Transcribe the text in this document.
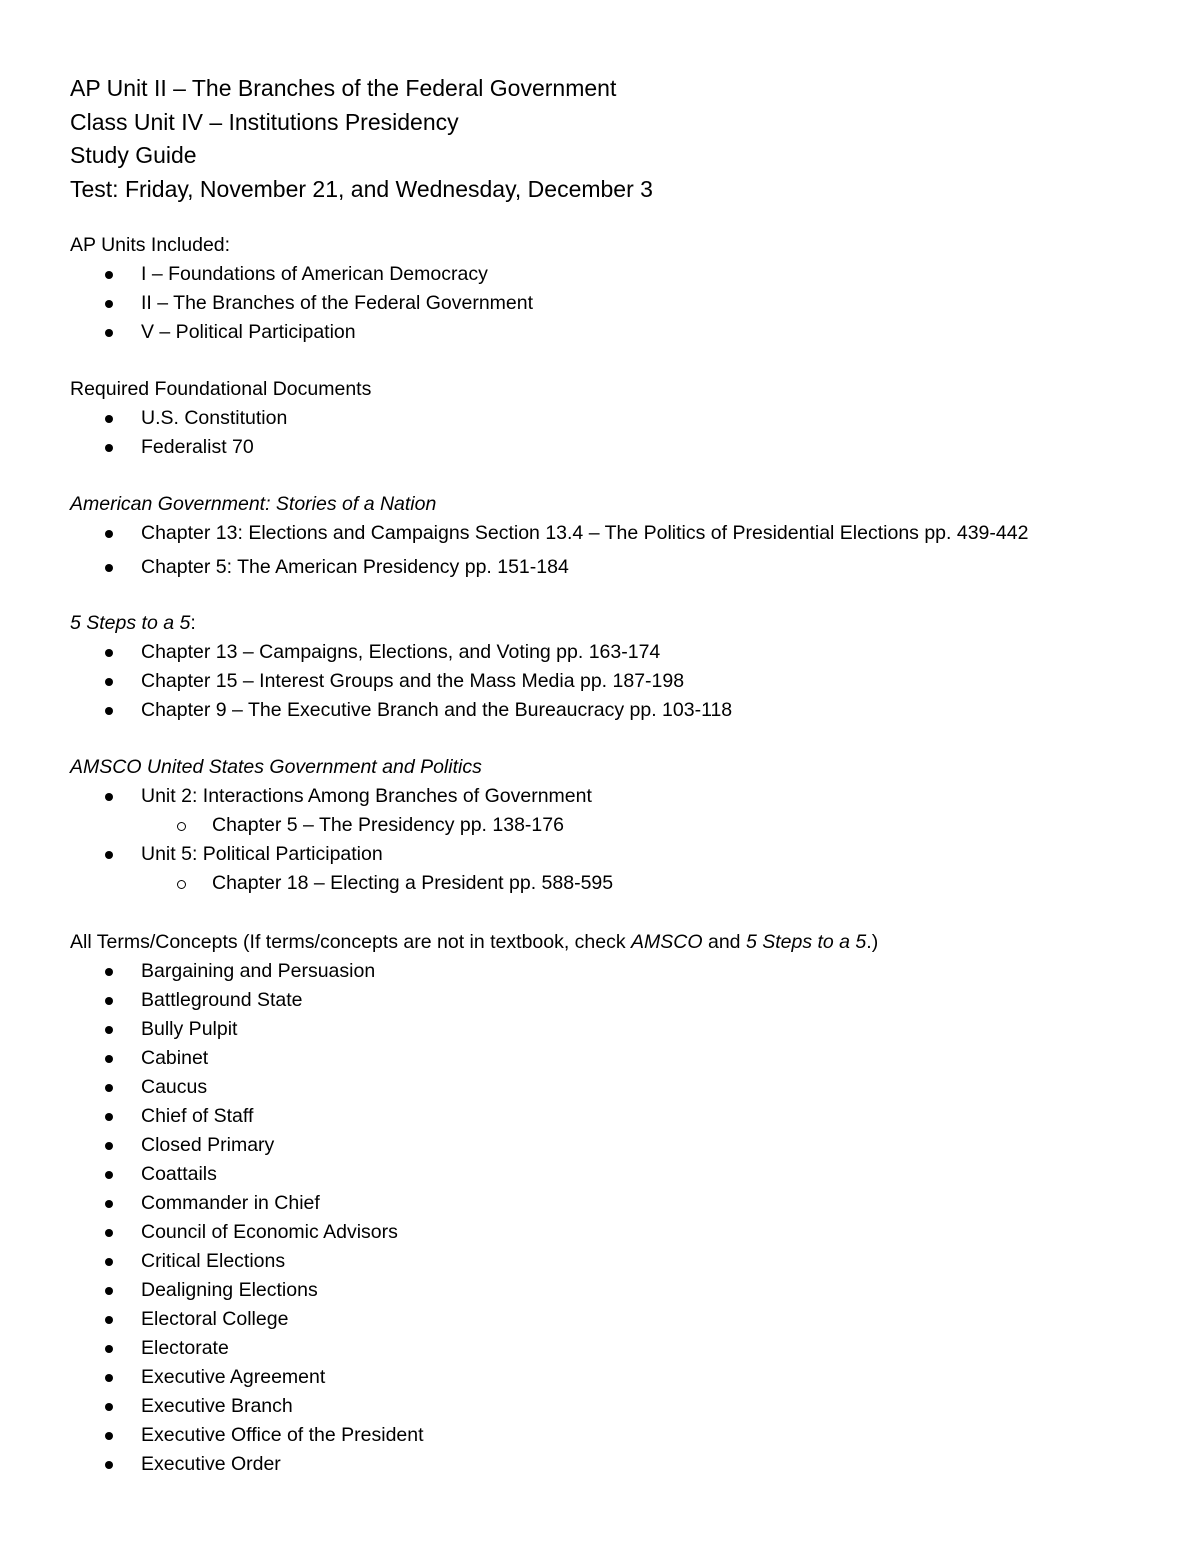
AP Unit II – The Branches of the Federal Government
Class Unit IV – Institutions Presidency
Study Guide
Test: Friday, November 21, and Wednesday, December 3
AP Units Included:
I – Foundations of American Democracy
II – The Branches of the Federal Government
V – Political Participation
Required Foundational Documents
U.S. Constitution
Federalist 70
American Government: Stories of a Nation
Chapter 13: Elections and Campaigns Section 13.4 – The Politics of Presidential Elections pp. 439-442
Chapter 5: The American Presidency pp. 151-184
5 Steps to a 5:
Chapter 13 – Campaigns, Elections, and Voting pp. 163-174
Chapter 15 – Interest Groups and the Mass Media pp. 187-198
Chapter 9 – The Executive Branch and the Bureaucracy pp. 103-118
AMSCO United States Government and Politics
Unit 2: Interactions Among Branches of Government
Chapter 5 – The Presidency pp. 138-176
Unit 5: Political Participation
Chapter 18 – Electing a President pp. 588-595
All Terms/Concepts (If terms/concepts are not in textbook, check AMSCO and 5 Steps to a 5.)
Bargaining and Persuasion
Battleground State
Bully Pulpit
Cabinet
Caucus
Chief of Staff
Closed Primary
Coattails
Commander in Chief
Council of Economic Advisors
Critical Elections
Dealigning Elections
Electoral College
Electorate
Executive Agreement
Executive Branch
Executive Office of the President
Executive Order
